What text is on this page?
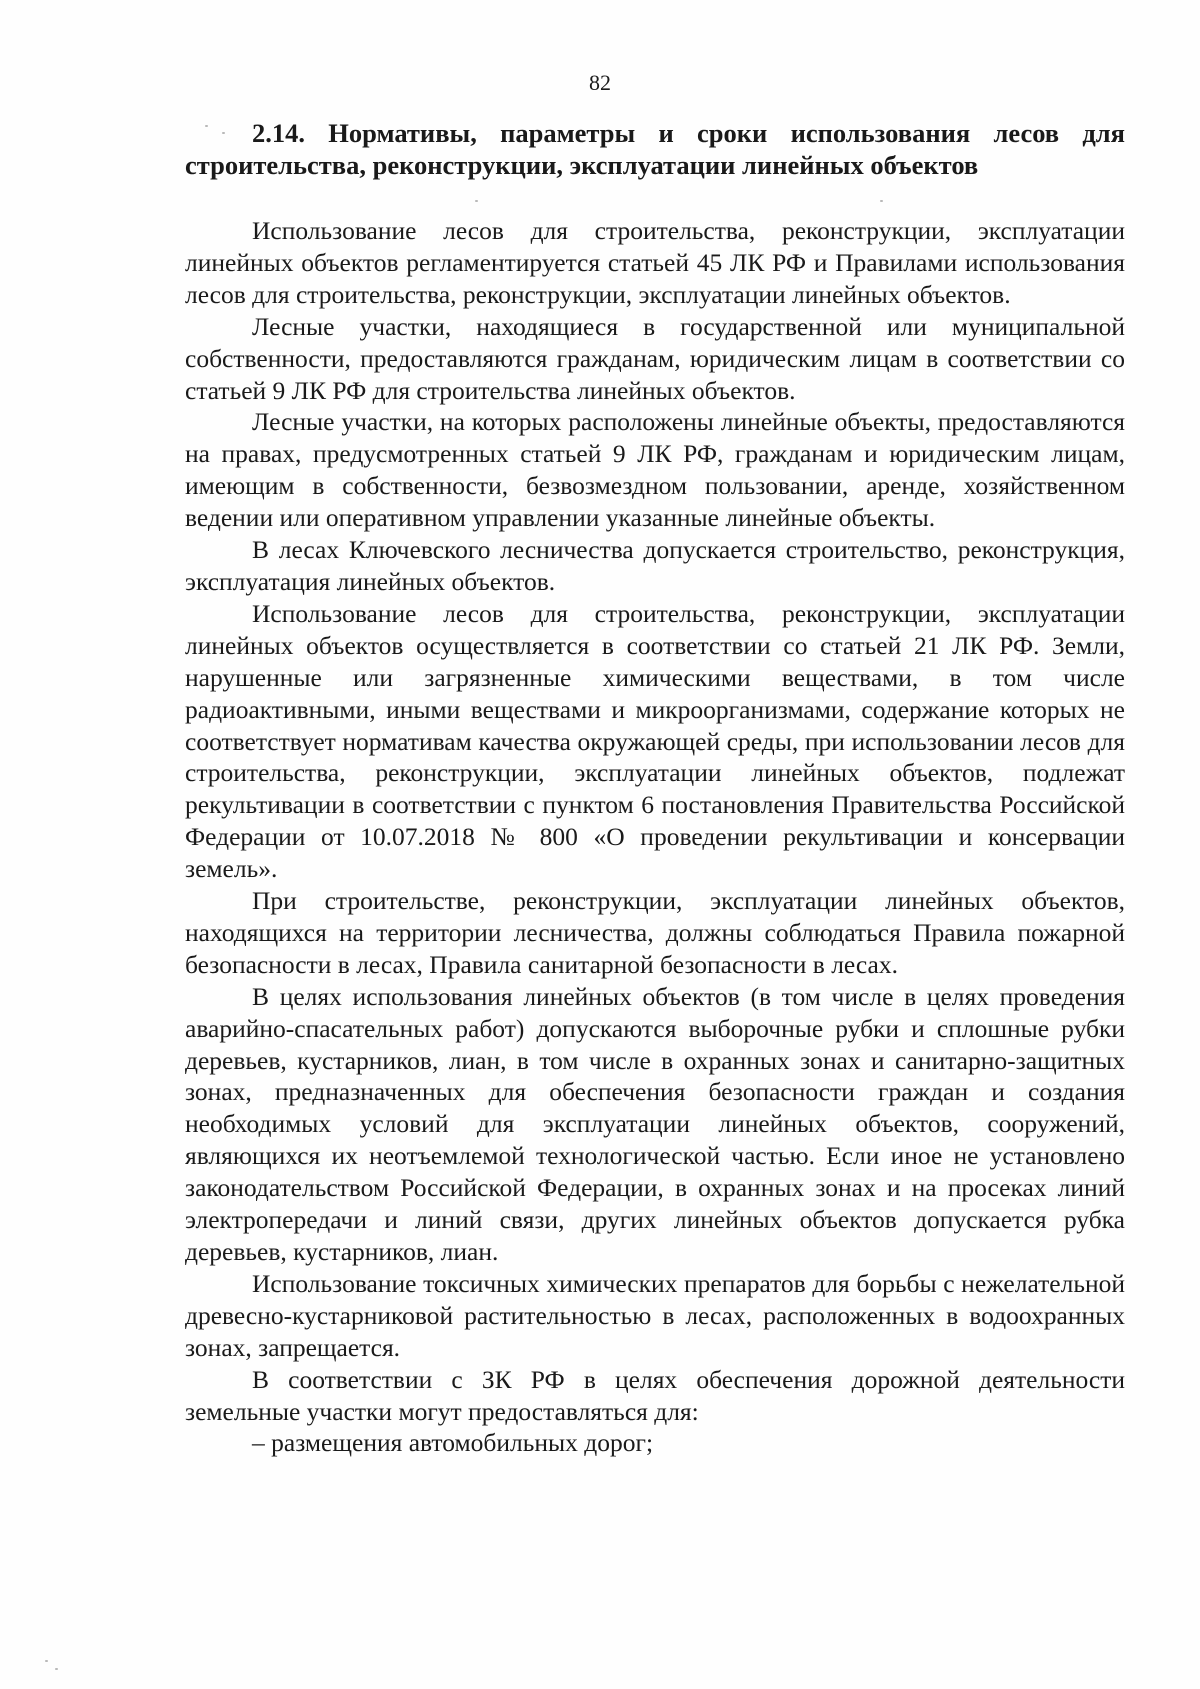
82
2.14. Нормативы, параметры и сроки использования лесов для строительства, реконструкции, эксплуатации линейных объектов

Использование лесов для строительства, реконструкции, эксплуатации линейных объектов регламентируется статьей 45 ЛК РФ и Правилами использования лесов для строительства, реконструкции, эксплуатации линейных объектов.

Лесные участки, находящиеся в государственной или муниципальной собственности, предоставляются гражданам, юридическим лицам в соответствии со статьей 9 ЛК РФ для строительства линейных объектов.

Лесные участки, на которых расположены линейные объекты, предоставляются на правах, предусмотренных статьей 9 ЛК РФ, гражданам и юридическим лицам, имеющим в собственности, безвозмездном пользовании, аренде, хозяйственном ведении или оперативном управлении указанные линейные объекты.

В лесах Ключевского лесничества допускается строительство, реконструкция, эксплуатация линейных объектов.

Использование лесов для строительства, реконструкции, эксплуатации линейных объектов осуществляется в соответствии со статьей 21 ЛК РФ. Земли, нарушенные или загрязненные химическими веществами, в том числе радиоактивными, иными веществами и микроорганизмами, содержание которых не соответствует нормативам качества окружающей среды, при использовании лесов для строительства, реконструкции, эксплуатации линейных объектов, подлежат рекультивации в соответствии с пунктом 6 постановления Правительства Российской Федерации от 10.07.2018 № 800 «О проведении рекультивации и консервации земель».

При строительстве, реконструкции, эксплуатации линейных объектов, находящихся на территории лесничества, должны соблюдаться Правила пожарной безопасности в лесах, Правила санитарной безопасности в лесах.

В целях использования линейных объектов (в том числе в целях проведения аварийно-спасательных работ) допускаются выборочные рубки и сплошные рубки деревьев, кустарников, лиан, в том числе в охранных зонах и санитарно-защитных зонах, предназначенных для обеспечения безопасности граждан и создания необходимых условий для эксплуатации линейных объектов, сооружений, являющихся их неотъемлемой технологической частью. Если иное не установлено законодательством Российской Федерации, в охранных зонах и на просеках линий электропередачи и линий связи, других линейных объектов допускается рубка деревьев, кустарников, лиан.

Использование токсичных химических препаратов для борьбы с нежелательной древесно-кустарниковой растительностью в лесах, расположенных в водоохранных зонах, запрещается.

В соответствии с ЗК РФ в целях обеспечения дорожной деятельности земельные участки могут предоставляться для:

– размещения автомобильных дорог;
